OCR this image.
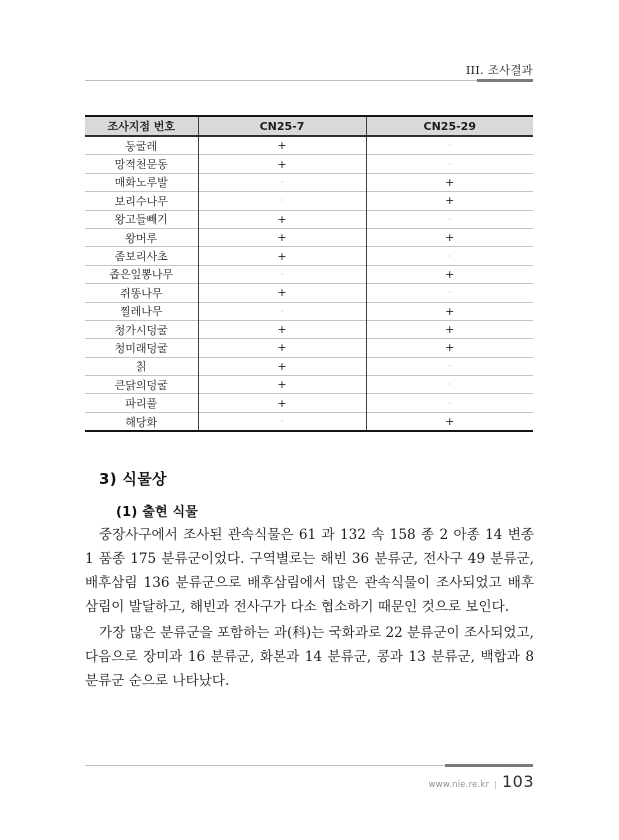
III. 조사결과
조사지점 번호	CN25-7	CN25-29
둥굴레	+	·
망적천문동	+	·
매화노루발	·	+
보리수나무	·	+
왕고들빼기	+	·
왕머루	+	+
좀보리사초	+	·
좁은잎뽕나무	·	+
쥐똥나무	+	·
찔레나무	·	+
청가시덩굴	+	+
청미래덩굴	+	+
칡	+	·
큰닭의덩굴	+	·
파리풀	+	·
해당화	·	+
3) 식물상
(1) 출현 식물

중장사구에서 조사된 관속식물은 61 과 132 속 158 종 2 아종 14 변종 1 품종 175 분류군이었다. 구역별로는 해빈 36 분류군, 전사구 49 분류군, 배후삼림 136 분류군으로 배후삼림에서 많은 관속식물이 조사되었고 배후삼림이 발달하고, 해빈과 전사구가 다소 협소하기 때문인 것으로 보인다.

가장 많은 분류군을 포함하는 과(科)는 국화과로 22 분류군이 조사되었고, 다음으로 장미과 16 분류군, 화본과 14 분류군, 콩과 13 분류군, 백합과 8 분류군 순으로 나타났다.

www.nie.re.kr | 103
